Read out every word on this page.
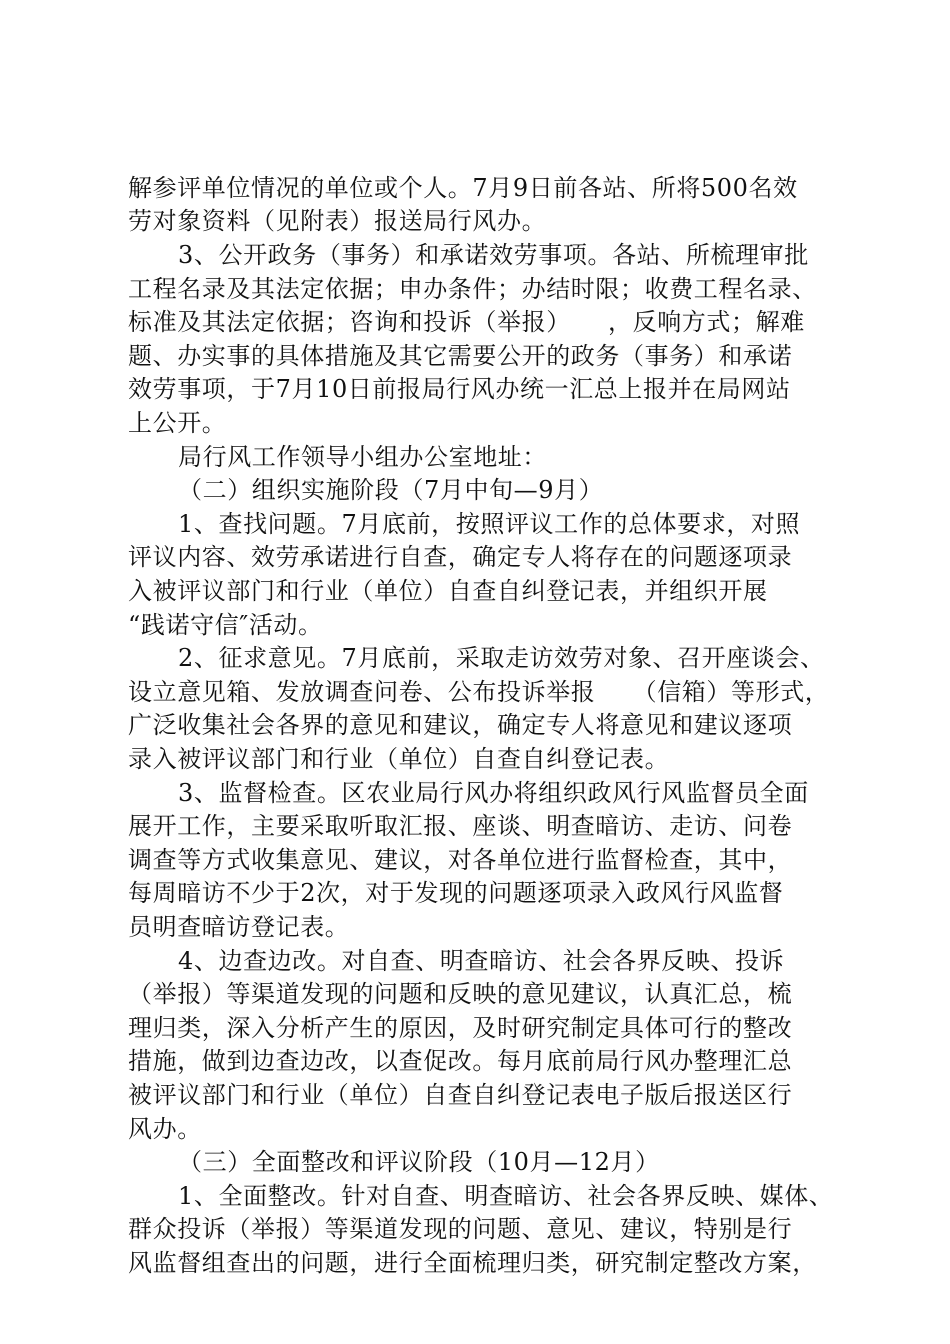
解参评单位情况的单位或个人。7月9日前各站、所将500名效
劳对象资料（见附表）报送局行风办。
3、公开政务（事务）和承诺效劳事项。各站、所梳理审批
工程名录及其法定依据；申办条件；办结时限；收费工程名录、
标准及其法定依据；咨询和投诉（举报）　　，反响方式；解难
题、办实事的具体措施及其它需要公开的政务（事务）和承诺
效劳事项，于7月10日前报局行风办统一汇总上报并在局网站
上公开。
局行风工作领导小组办公室地址：
（二）组织实施阶段（7月中旬—9月）
1、查找问题。7月底前，按照评议工作的总体要求，对照
评议内容、效劳承诺进行自查，确定专人将存在的问题逐项录
入被评议部门和行业（单位）自查自纠登记表，并组织开展
“践诺守信″活动。
2、征求意见。7月底前，采取走访效劳对象、召开座谈会、
设立意见箱、发放调查问卷、公布投诉举报　　（信箱）等形式，
广泛收集社会各界的意见和建议，确定专人将意见和建议逐项
录入被评议部门和行业（单位）自查自纠登记表。
3、监督检查。区农业局行风办将组织政风行风监督员全面
展开工作，主要采取听取汇报、座谈、明查暗访、走访、问卷
调查等方式收集意见、建议，对各单位进行监督检查，其中，
每周暗访不少于2次，对于发现的问题逐项录入政风行风监督
员明查暗访登记表。
4、边查边改。对自查、明查暗访、社会各界反映、投诉
（举报）等渠道发现的问题和反映的意见建议，认真汇总，梳
理归类，深入分析产生的原因，及时研究制定具体可行的整改
措施，做到边查边改，以查促改。每月底前局行风办整理汇总
被评议部门和行业（单位）自查自纠登记表电子版后报送区行
风办。
（三）全面整改和评议阶段（10月—12月）
1、全面整改。针对自查、明查暗访、社会各界反映、媒体、
群众投诉（举报）等渠道发现的问题、意见、建议，特别是行
风监督组查出的问题，进行全面梳理归类，研究制定整改方案，
